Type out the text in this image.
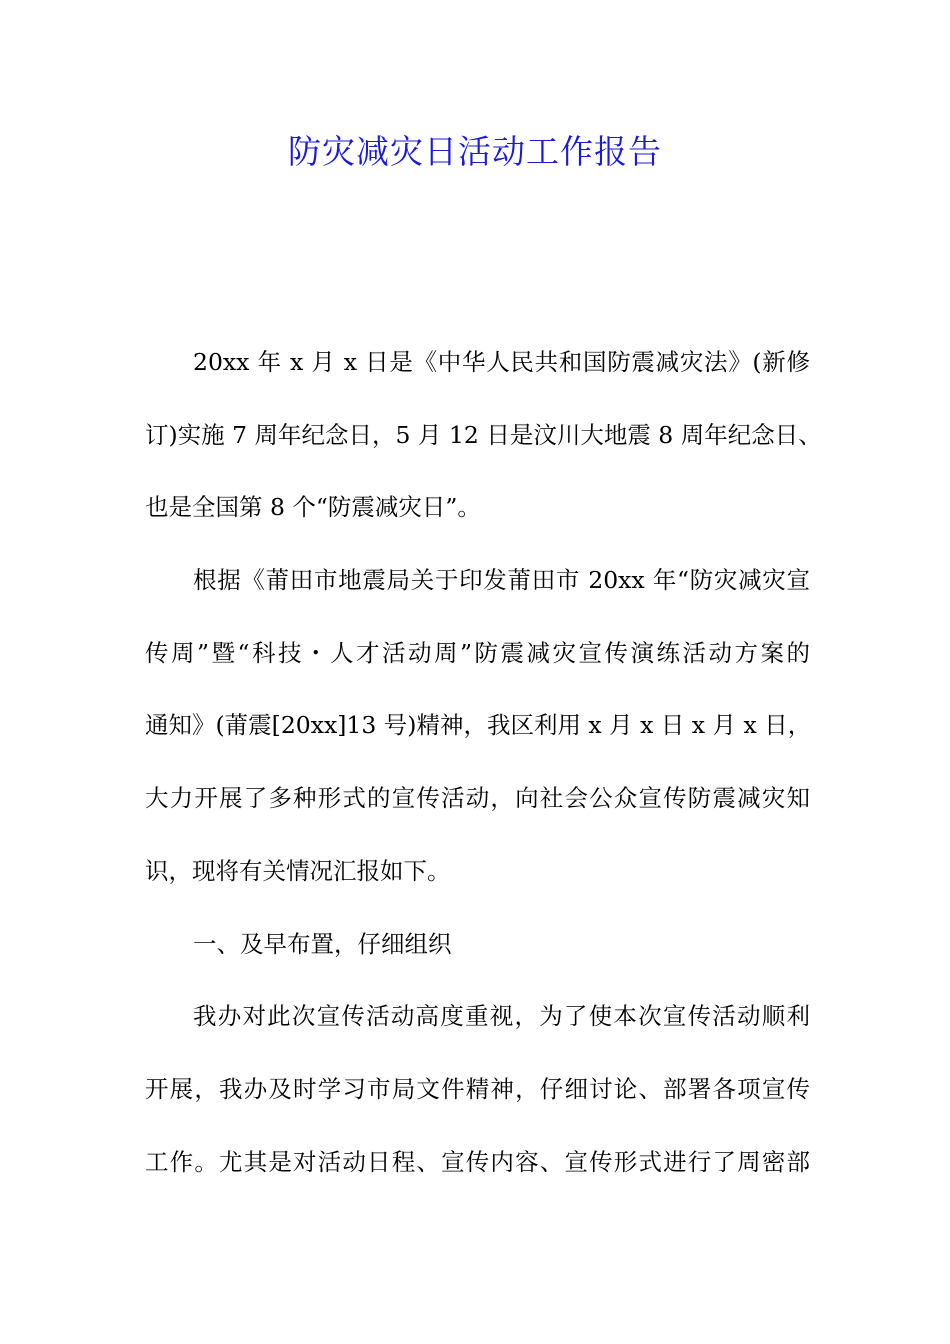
防灾减灾日活动工作报告
20xx 年 x 月 x 日是《中华人民共和国防震减灾法》(新修
订)实施 7 周年纪念日，5 月 12 日是汶川大地震 8 周年纪念日、
也是全国第 8 个“防震减灾日”。
根据《莆田市地震局关于印发莆田市 20xx 年“防灾减灾宣
传周”暨“科技・人才活动周”防震减灾宣传演练活动方案的
通知》(莆震[20xx]13 号)精神，我区利用 x 月 x 日 x 月 x 日，
大力开展了多种形式的宣传活动，向社会公众宣传防震减灾知
识，现将有关情况汇报如下。
一、及早布置，仔细组织
我办对此次宣传活动高度重视，为了使本次宣传活动顺利
开展，我办及时学习市局文件精神，仔细讨论、部署各项宣传
工作。尤其是对活动日程、宣传内容、宣传形式进行了周密部
